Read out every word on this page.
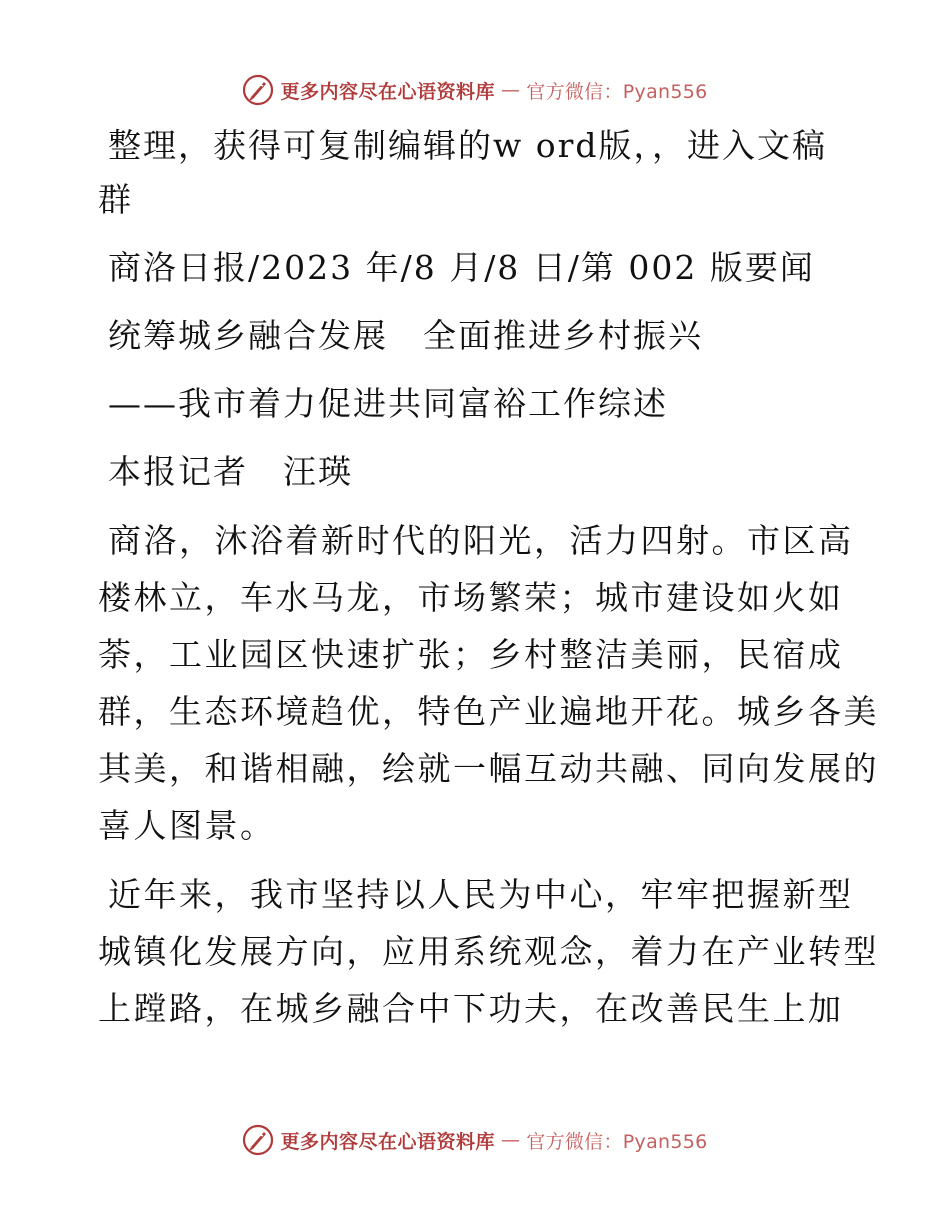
更多内容尽在心语资料库 — 官方微信：Pyan556
整理，获得可复制编辑的w ord版，，进入文稿
群
商洛日报/2023 年/8 月/8 日/第 002 版要闻
统筹城乡融合发展　全面推进乡村振兴
——我市着力促进共同富裕工作综述
本报记者　汪瑛
商洛，沐浴着新时代的阳光，活力四射。市区高
楼林立，车水马龙，市场繁荣；城市建设如火如
荼，工业园区快速扩张；乡村整洁美丽，民宿成
群，生态环境趋优，特色产业遍地开花。城乡各美
其美，和谐相融，绘就一幅互动共融、同向发展的
喜人图景。
近年来，我市坚持以人民为中心，牢牢把握新型
城镇化发展方向，应用系统观念，着力在产业转型
上蹚路，在城乡融合中下功夫，在改善民生上加
更多内容尽在心语资料库 — 官方微信：Pyan556
